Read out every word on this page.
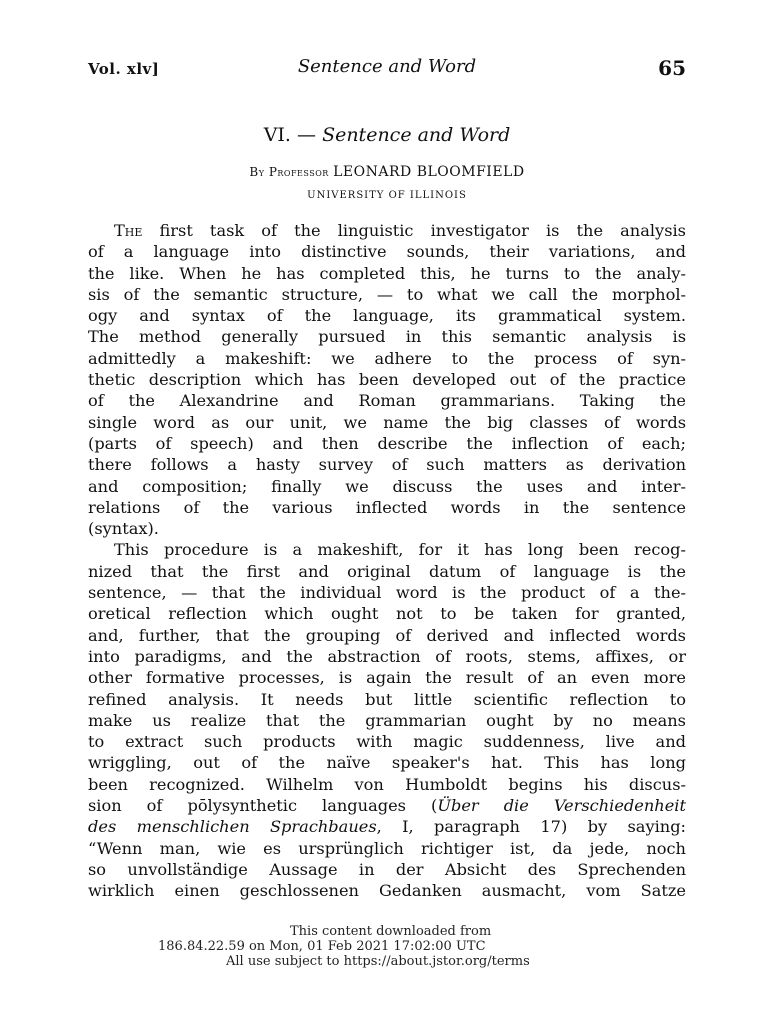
Vol. xlv]	Sentence and Word	65
VI. — Sentence and Word
By Professor LEONARD BLOOMFIELD
UNIVERSITY OF ILLINOIS
The first task of the linguistic investigator is the analysis
of a language into distinctive sounds, their variations, and
the like. When he has completed this, he turns to the analy-
sis of the semantic structure, — to what we call the morphol-
ogy and syntax of the language, its grammatical system.
The method generally pursued in this semantic analysis is
admittedly a makeshift: we adhere to the process of syn-
thetic description which has been developed out of the practice
of the Alexandrine and Roman grammarians. Taking the
single word as our unit, we name the big classes of words
(parts of speech) and then describe the inflection of each;
there follows a hasty survey of such matters as derivation
and composition; finally we discuss the uses and inter-
relations of the various inflected words in the sentence
(syntax).
This procedure is a makeshift, for it has long been recog-
nized that the first and original datum of language is the
sentence, — that the individual word is the product of a the-
oretical reflection which ought not to be taken for granted,
and, further, that the grouping of derived and inflected words
into paradigms, and the abstraction of roots, stems, affixes, or
other formative processes, is again the result of an even more
refined analysis. It needs but little scientific reflection to
make us realize that the grammarian ought by no means
to extract such products with magic suddenness, live and
wriggling, out of the naïve speaker's hat. This has long
been recognized. Wilhelm von Humboldt begins his discus-
sion of pōlysynthetic languages (Über die Verschiedenheit
des menschlichen Sprachbaues, I, paragraph 17) by saying:
“Wenn man, wie es ursprünglich richtiger ist, da jede, noch
so unvollständige Aussage in der Absicht des Sprechenden
wirklich einen geschlossenen Gedanken ausmacht, vom Satze
This content downloaded from
186.84.22.59 on Mon, 01 Feb 2021 17:02:00 UTC
All use subject to https://about.jstor.org/terms
